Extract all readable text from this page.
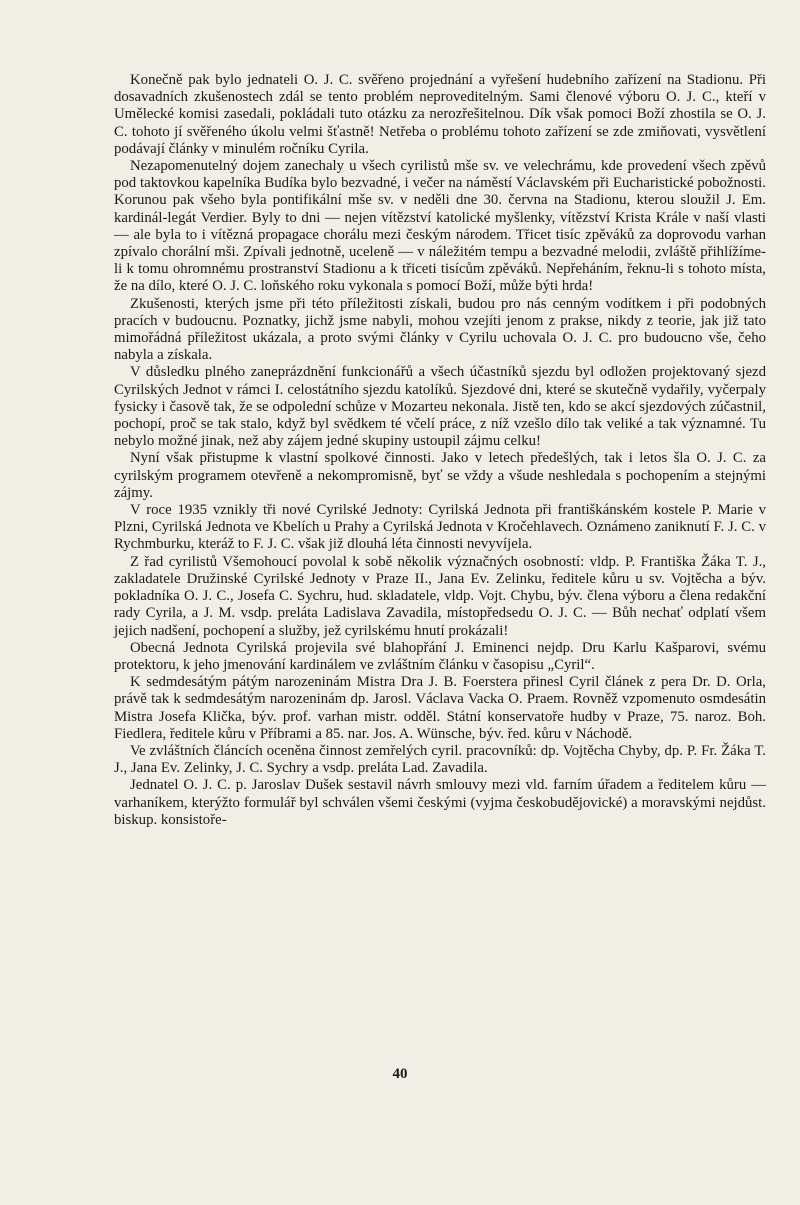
Konečně pak bylo jednateli O. J. C. svěřeno projednání a vyřešení hudebního zařízení na Stadionu. Při dosavadních zkušenostech zdál se tento problém neproveditelným. Sami členové výboru O. J. C., kteří v Umělecké komisi zasedali, pokládali tuto otázku za nerozřešitelnou. Dík však pomoci Boží zhostila se O. J. C. tohoto jí svěřeného úkolu velmi šťastně! Netřeba o problému tohoto zařízení se zde zmiňovati, vysvětlení podávají články v minulém ročníku Cyrila.

Nezapomenutelný dojem zanechaly u všech cyrilistů mše sv. ve velechrámu, kde provedení všech zpěvů pod taktovkou kapelníka Budíka bylo bezvadné, i večer na náměstí Václavském při Eucharistické pobožnosti. Korunou pak všeho byla pontifikální mše sv. v neděli dne 30. června na Stadionu, kterou sloužil J. Em. kardinál-legát Verdier. Byly to dni — nejen vítězství katolické myšlenky, vítězství Krista Krále v naší vlasti — ale byla to i vítězná propagace chorálu mezi českým národem. Třicet tisíc zpěváků za doprovodu varhan zpívalo chorální mši. Zpívali jednotně, uceleně — v náležitém tempu a bezvadné melodii, zvláště přihlížíme-li k tomu ohromnému prostranství Stadionu a k třiceti tisícům zpěváků. Nepřeháním, řeknu-li s tohoto místa, že na dílo, které O. J. C. loňského roku vykonala s pomocí Boží, může býti hrda!

Zkušenosti, kterých jsme při této příležitosti získali, budou pro nás cenným vodítkem i při podobných pracích v budoucnu. Poznatky, jichž jsme nabyli, mohou vzejíti jenom z prakse, nikdy z teorie, jak již tato mimořádná příležitost ukázala, a proto svými články v Cyrilu uchovala O. J. C. pro budoucno vše, čeho nabyla a získala.

V důsledku plného zaneprázdnění funkcionářů a všech účastníků sjezdu byl odložen projektovaný sjezd Cyrilských Jednot v rámci I. celostátního sjezdu katolíků. Sjezdové dni, které se skutečně vydařily, vyčerpaly fysicky i časově tak, že se odpolední schůze v Mozarteu nekonala. Jistě ten, kdo se akcí sjezdových zúčastnil, pochopí, proč se tak stalo, když byl svědkem té včelí práce, z níž vzešlo dílo tak veliké a tak významné. Tu nebylo možné jinak, než aby zájem jedné skupiny ustoupil zájmu celku!

Nyní však přistupme k vlastní spolkové činnosti. Jako v letech předešlých, tak i letos šla O. J. C. za cyrilským programem otevřeně a nekompromisně, byť se vždy a všude neshledala s pochopením a stejnými zájmy.

V roce 1935 vznikly tři nové Cyrilské Jednoty: Cyrilská Jednota při františkánském kostele P. Marie v Plzni, Cyrilská Jednota ve Kbelích u Prahy a Cyrilská Jednota v Kročehlavech. Oznámeno zaniknutí F. J. C. v Rychmburku, kteráž to F. J. C. však již dlouhá léta činnosti nevyvíjela.

Z řad cyrilistů Všemohoucí povolal k sobě několik význačných osobností: vldp. P. Františka Žáka T. J., zakladatele Družinské Cyrilské Jednoty v Praze II., Jana Ev. Zelinku, ředitele kůru u sv. Vojtěcha a býv. pokladníka O. J. C., Josefa C. Sychru, hud. skladatele, vldp. Vojt. Chybu, býv. člena výboru a člena redakční rady Cyrila, a J. M. vsdp. preláta Ladislava Zavadila, místopředsedu O. J. C. — Bůh nechať odplatí všem jejich nadšení, pochopení a služby, jež cyrilskému hnutí prokázali!

Obecná Jednota Cyrilská projevila své blahopřání J. Eminenci nejdp. Dru Karlu Kašparovi, svému protektoru, k jeho jmenování kardinálem ve zvláštním článku v časopisu „Cyril“.

K sedmdesátým pátým narozeninám Mistra Dra J. B. Foerstera přinesl Cyril článek z pera Dr. D. Orla, právě tak k sedmdesátým narozeninám dp. Jarosl. Václava Vacka O. Praem. Rovněž vzpomenuto osmdesátin Mistra Josefa Klička, býv. prof. varhan mistr. odděl. Státní konservatoře hudby v Praze, 75. naroz. Boh. Fiedlera, ředitele kůru v Příbrami a 85. nar. Jos. A. Wünsche, býv. řed. kůru v Náchodě.

Ve zvláštních článcích oceněna činnost zemřelých cyril. pracovníků: dp. Vojtěcha Chyby, dp. P. Fr. Žáka T. J., Jana Ev. Zelinky, J. C. Sychry a vsdp. preláta Lad. Zavadila.

Jednatel O. J. C. p. Jaroslav Dušek sestavil návrh smlouvy mezi vld. farním úřadem a ředitelem kůru — varhaníkem, kterýžto formulář byl schválen všemi českými (vyjma českobudějovické) a moravskými nejdůst. biskup. konsistoře-

40
